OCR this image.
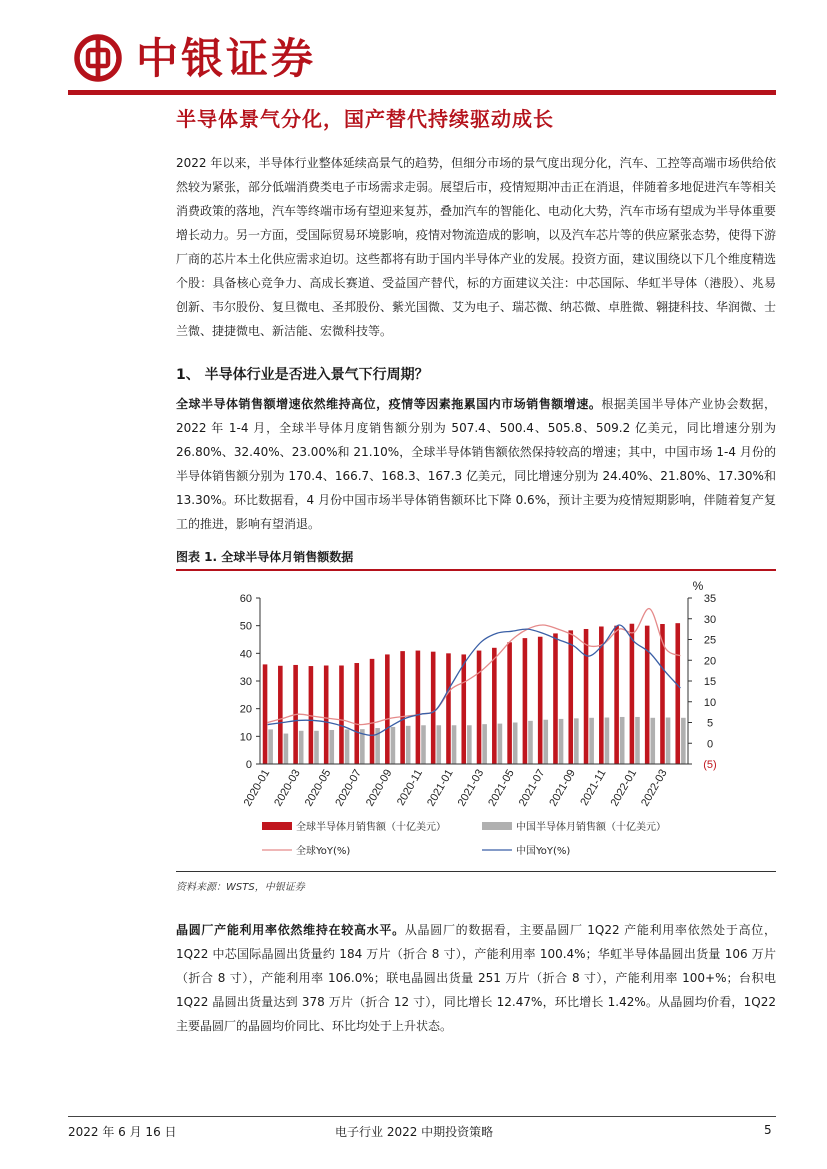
中银证券
半导体景气分化，国产替代持续驱动成长

2022 年以来，半导体行业整体延续高景气的趋势，但细分市场的景气度出现分化，汽车、工控等高端市场供给依然较为紧张，部分低端消费类电子市场需求走弱。展望后市，疫情短期冲击正在消退，伴随着多地促进汽车等相关消费政策的落地，汽车等终端市场有望迎来复苏，叠加汽车的智能化、电动化大势，汽车市场有望成为半导体重要增长动力。另一方面，受国际贸易环境影响，疫情对物流造成的影响，以及汽车芯片等的供应紧张态势，使得下游厂商的芯片本土化供应需求迫切。这些都将有助于国内半导体产业的发展。投资方面，建议围绕以下几个维度精选个股：具备核心竞争力、高成长赛道、受益国产替代，标的方面建议关注：中芯国际、华虹半导体（港股）、兆易创新、韦尔股份、复旦微电、圣邦股份、紫光国微、艾为电子、瑞芯微、纳芯微、卓胜微、翱捷科技、华润微、士兰微、捷捷微电、新洁能、宏微科技等。

1、 半导体行业是否进入景气下行周期？

全球半导体销售额增速依然维持高位，疫情等因素拖累国内市场销售额增速。根据美国半导体产业协会数据，2022 年 1-4 月，全球半导体月度销售额分别为 507.4、500.4、505.8、509.2 亿美元，同比增速分别为 26.80%、32.40%、23.00%和 21.10%，全球半导体销售额依然保持较高的增速；其中，中国市场 1-4 月份的半导体销售额分别为 170.4、166.7、168.3、167.3 亿美元，同比增速分别为 24.40%、21.80%、17.30%和 13.30%。环比数据看，4 月份中国市场半导体销售额环比下降 0.6%，预计主要为疫情短期影响，伴随着复产复工的推进，影响有望消退。

图表 1. 全球半导体月销售额数据
0
10
20
30
40
50
60
(5)
0
5
10
15
20
25
30
35
%
2020-01 2020-03 2020-05 2020-07 2020-09 2020-11 2021-01 2021-03 2021-05 2021-07 2021-09 2021-11 2022-01 2022-03
全球半导体月销售额（十亿美元）	中国半导体月销售额（十亿美元）
全球YoY(%)	中国YoY(%)
资料来源：WSTS，中银证券

晶圆厂产能利用率依然维持在较高水平。从晶圆厂的数据看，主要晶圆厂 1Q22 产能利用率依然处于高位，1Q22 中芯国际晶圆出货量约 184 万片（折合 8 寸），产能利用率 100.4%；华虹半导体晶圆出货量 106 万片（折合 8 寸），产能利用率 106.0%；联电晶圆出货量 251 万片（折合 8 寸），产能利用率 100+%；台积电 1Q22 晶圆出货量达到 378 万片（折合 12 寸），同比增长 12.47%，环比增长 1.42%。从晶圆均价看，1Q22 主要晶圆厂的晶圆均价同比、环比均处于上升状态。

2022 年 6 月 16 日	电子行业 2022 中期投资策略	5
